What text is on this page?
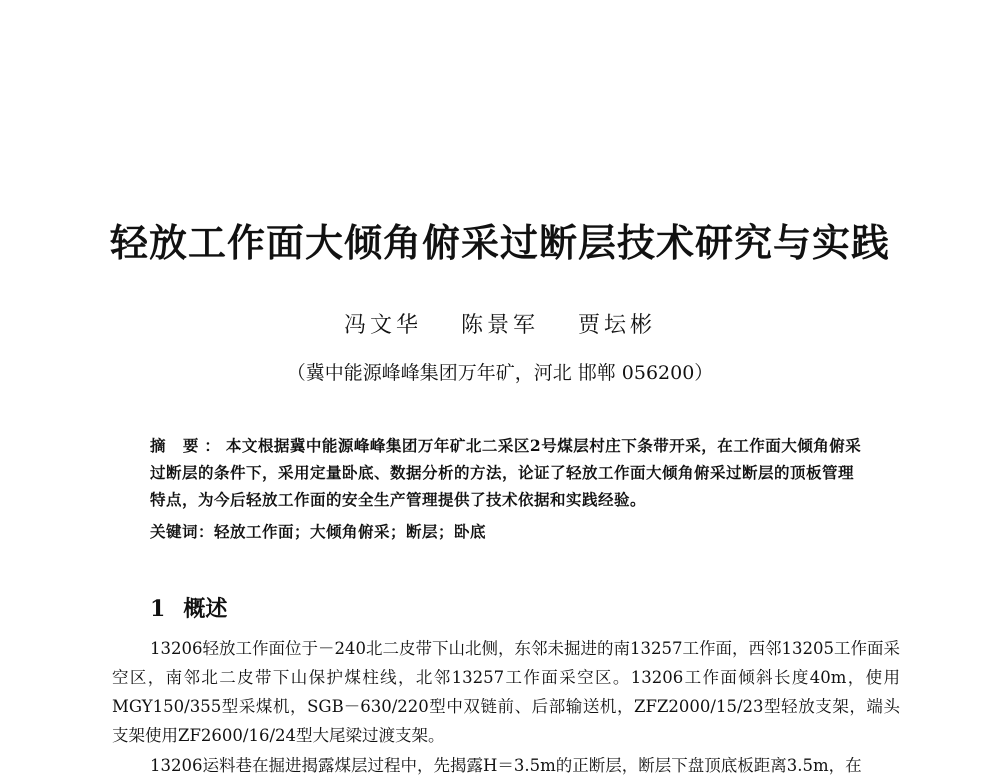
轻放工作面大倾角俯采过断层技术研究与实践
冯文华 陈景军 贾坛彬
（冀中能源峰峰集团万年矿，河北 邯郸 056200）
摘 要：本文根据冀中能源峰峰集团万年矿北二采区2号煤层村庄下条带开采，在工作面大倾角俯采过断层的条件下，采用定量卧底、数据分析的方法，论证了轻放工作面大倾角俯采过断层的顶板管理特点，为今后轻放工作面的安全生产管理提供了技术依据和实践经验。
关键词：轻放工作面；大倾角俯采；断层；卧底
1 概述

13206轻放工作面位于－240北二皮带下山北侧，东邻未掘进的南13257工作面，西邻13205工作面采空区，南邻北二皮带下山保护煤柱线，北邻13257工作面采空区。13206工作面倾斜长度40m，使用MGY150/355型采煤机，SGB－630/220型中双链前、后部输送机，ZFZ2000/15/23型轻放支架，端头支架使用ZF2600/16/24型大尾梁过渡支架。

13206运料巷在掘进揭露煤层过程中，先揭露H＝3.5m的正断层，断层下盘顶底板距离3.5m，在
